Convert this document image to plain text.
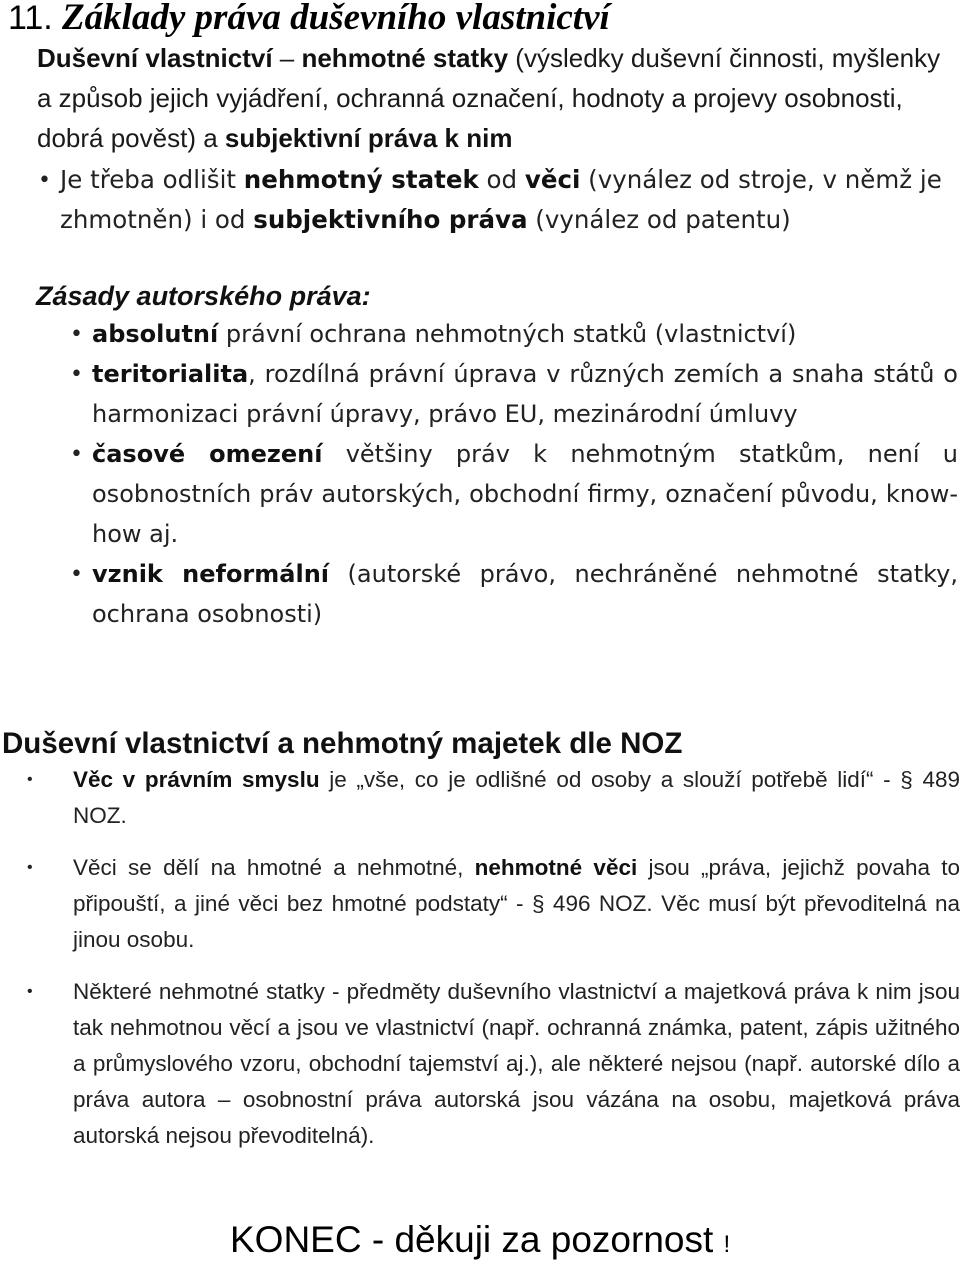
11. Základy práva duševního vlastnictví
Duševní vlastnictví – nehmotné statky (výsledky duševní činnosti, myšlenky a způsob jejich vyjádření, ochranná označení, hodnoty a projevy osobnosti, dobrá pověst) a subjektivní práva k nim
• Je třeba odlišit nehmotný statek od věci (vynález od stroje, v němž je zhmotněn) i od subjektivního práva (vynález od patentu)
Zásady autorského práva:
• absolutní právní ochrana nehmotných statků (vlastnictví)
• teritorialita, rozdílná právní úprava v různých zemích a snaha států o harmonizaci právní úpravy, právo EU, mezinárodní úmluvy
• časové omezení většiny práv k nehmotným statkům, není u osobnostních práv autorských, obchodní firmy, označení původu, know-how aj.
• vznik neformální (autorské právo, nechráněné nehmotné statky, ochrana osobnosti)
Duševní vlastnictví a nehmotný majetek dle NOZ
• Věc v právním smyslu je „vše, co je odlišné od osoby a slouží potřebě lidí“ - § 489 NOZ.
• Věci se dělí na hmotné a nehmotné, nehmotné věci jsou „práva, jejichž povaha to připouští, a jiné věci bez hmotné podstaty“ - § 496 NOZ. Věc musí být převoditelná na jinou osobu.
• Některé nehmotné statky - předměty duševního vlastnictví a majetková práva k nim jsou tak nehmotnou věcí a jsou ve vlastnictví (např. ochranná známka, patent, zápis užitného a průmyslového vzoru, obchodní tajemství aj.), ale některé nejsou (např. autorské dílo a práva autora – osobnostní práva autorská jsou vázána na osobu, majetková práva autorská nejsou převoditelná).

KONEC - děkuji za pozornost !
